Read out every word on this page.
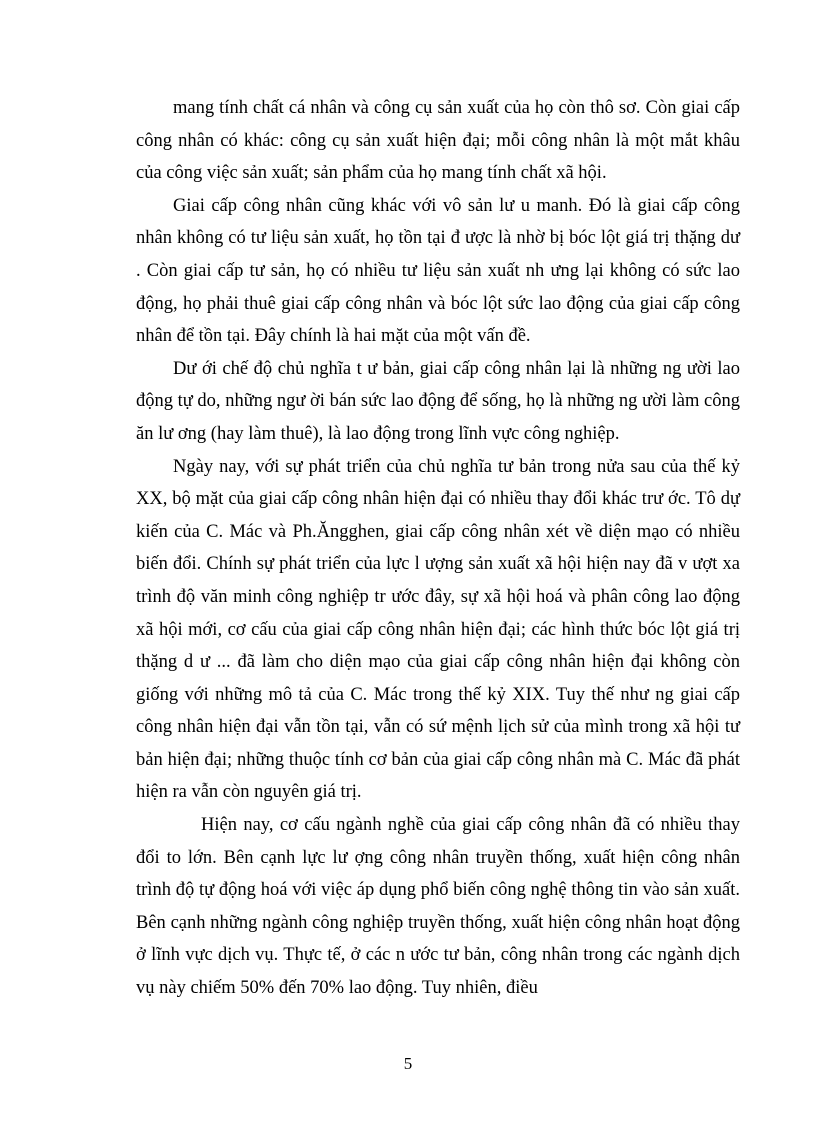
mang tính chất cá nhân và công cụ sản xuất của họ còn thô sơ. Còn giai cấp công nhân có khác: công cụ sản xuất hiện đại; mỗi công nhân là một mắt khâu của công việc sản xuất; sản phẩm của họ mang tính chất xã hội.

Giai cấp công nhân cũng khác với vô sản lư u manh. Đó là giai cấp công nhân không có tư liệu sản xuất, họ tồn tại đ ược là nhờ bị bóc lột giá trị thặng dư . Còn giai cấp tư sản, họ có nhiều tư liệu sản xuất nh ưng lại không có sức lao động, họ phải thuê giai cấp công nhân và bóc lột sức lao động của giai cấp công nhân để tồn tại. Đây chính là hai mặt của một vấn đề.

Dư ới chế độ chủ nghĩa t ư bản, giai cấp công nhân lại là những ng ười lao động tự do, những ngư ời bán sức lao động để sống, họ là những ng ười làm công ăn lư ơng (hay làm thuê), là lao động trong lĩnh vực công nghiệp.

Ngày nay, với sự phát triển của chủ nghĩa tư bản trong nửa sau của thế kỷ XX, bộ mặt của giai cấp công nhân hiện đại có nhiều thay đổi khác trư ớc. Tô dự kiến của C. Mác và Ph.Ăngghen, giai cấp công nhân xét về diện mạo có nhiều biến đổi. Chính sự phát triển của lực l ượng sản xuất xã hội hiện nay đã v ượt xa trình độ văn minh công nghiệp tr ước đây, sự xã hội hoá và phân công lao động xã hội mới, cơ cấu của giai cấp công nhân hiện đại; các hình thức bóc lột giá trị thặng d ư ... đã làm cho diện mạo của giai cấp công nhân hiện đại không còn giống với những mô tả của C. Mác trong thế kỷ XIX. Tuy thế như ng giai cấp công nhân hiện đại vẫn tồn tại, vẫn có sứ mệnh lịch sử của mình trong xã hội tư bản hiện đại; những thuộc tính cơ bản của giai cấp công nhân mà C. Mác đã phát hiện ra vẫn còn nguyên giá trị.

Hiện nay, cơ cấu ngành nghề của giai cấp công nhân đã có nhiều thay đổi to lớn. Bên cạnh lực lư ợng công nhân truyền thống, xuất hiện công nhân trình độ tự động hoá với việc áp dụng phổ biến công nghệ thông tin vào sản xuất. Bên cạnh những ngành công nghiệp truyền thống, xuất hiện công nhân hoạt động ở lĩnh vực dịch vụ. Thực tế, ở các n ước tư bản, công nhân trong các ngành dịch vụ này chiếm 50% đến 70% lao động. Tuy nhiên, điều

5
